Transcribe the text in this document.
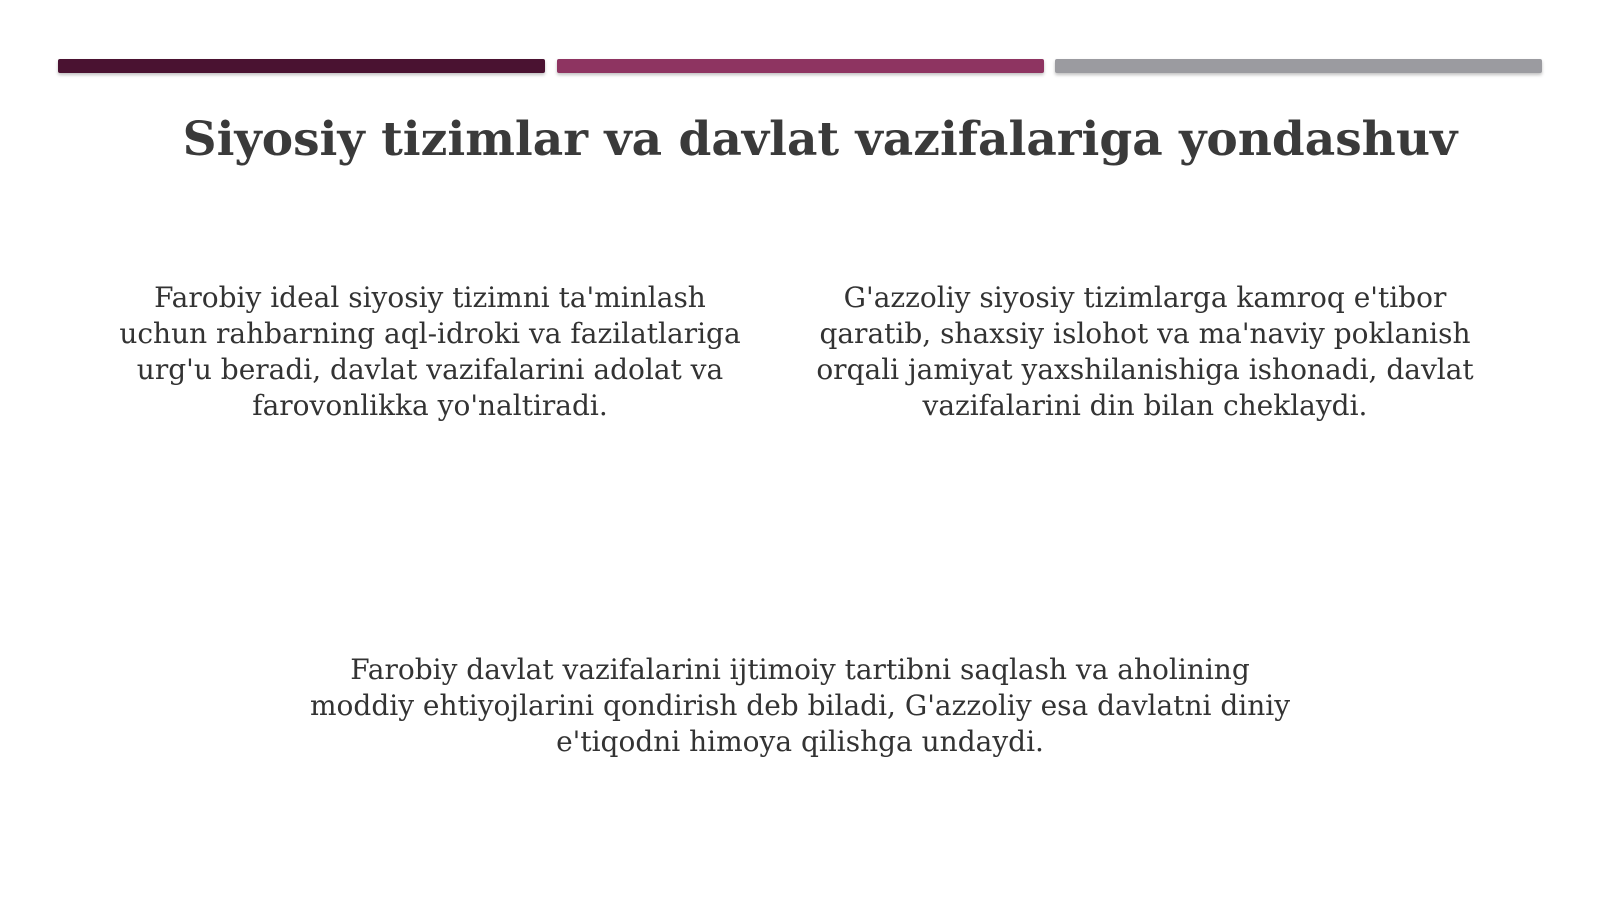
Siyosiy tizimlar va davlat vazifalariga yondashuv
Farobiy ideal siyosiy tizimni ta'minlash
uchun rahbarning aql-idroki va fazilatlariga
urg'u beradi, davlat vazifalarini adolat va
farovonlikka yo'naltiradi.
G'azzoliy siyosiy tizimlarga kamroq e'tibor
qaratib, shaxsiy islohot va ma'naviy poklanish
orqali jamiyat yaxshilanishiga ishonadi, davlat
vazifalarini din bilan cheklaydi.
Farobiy davlat vazifalarini ijtimoiy tartibni saqlash va aholining
moddiy ehtiyojlarini qondirish deb biladi, G'azzoliy esa davlatni diniy
e'tiqodni himoya qilishga undaydi.
